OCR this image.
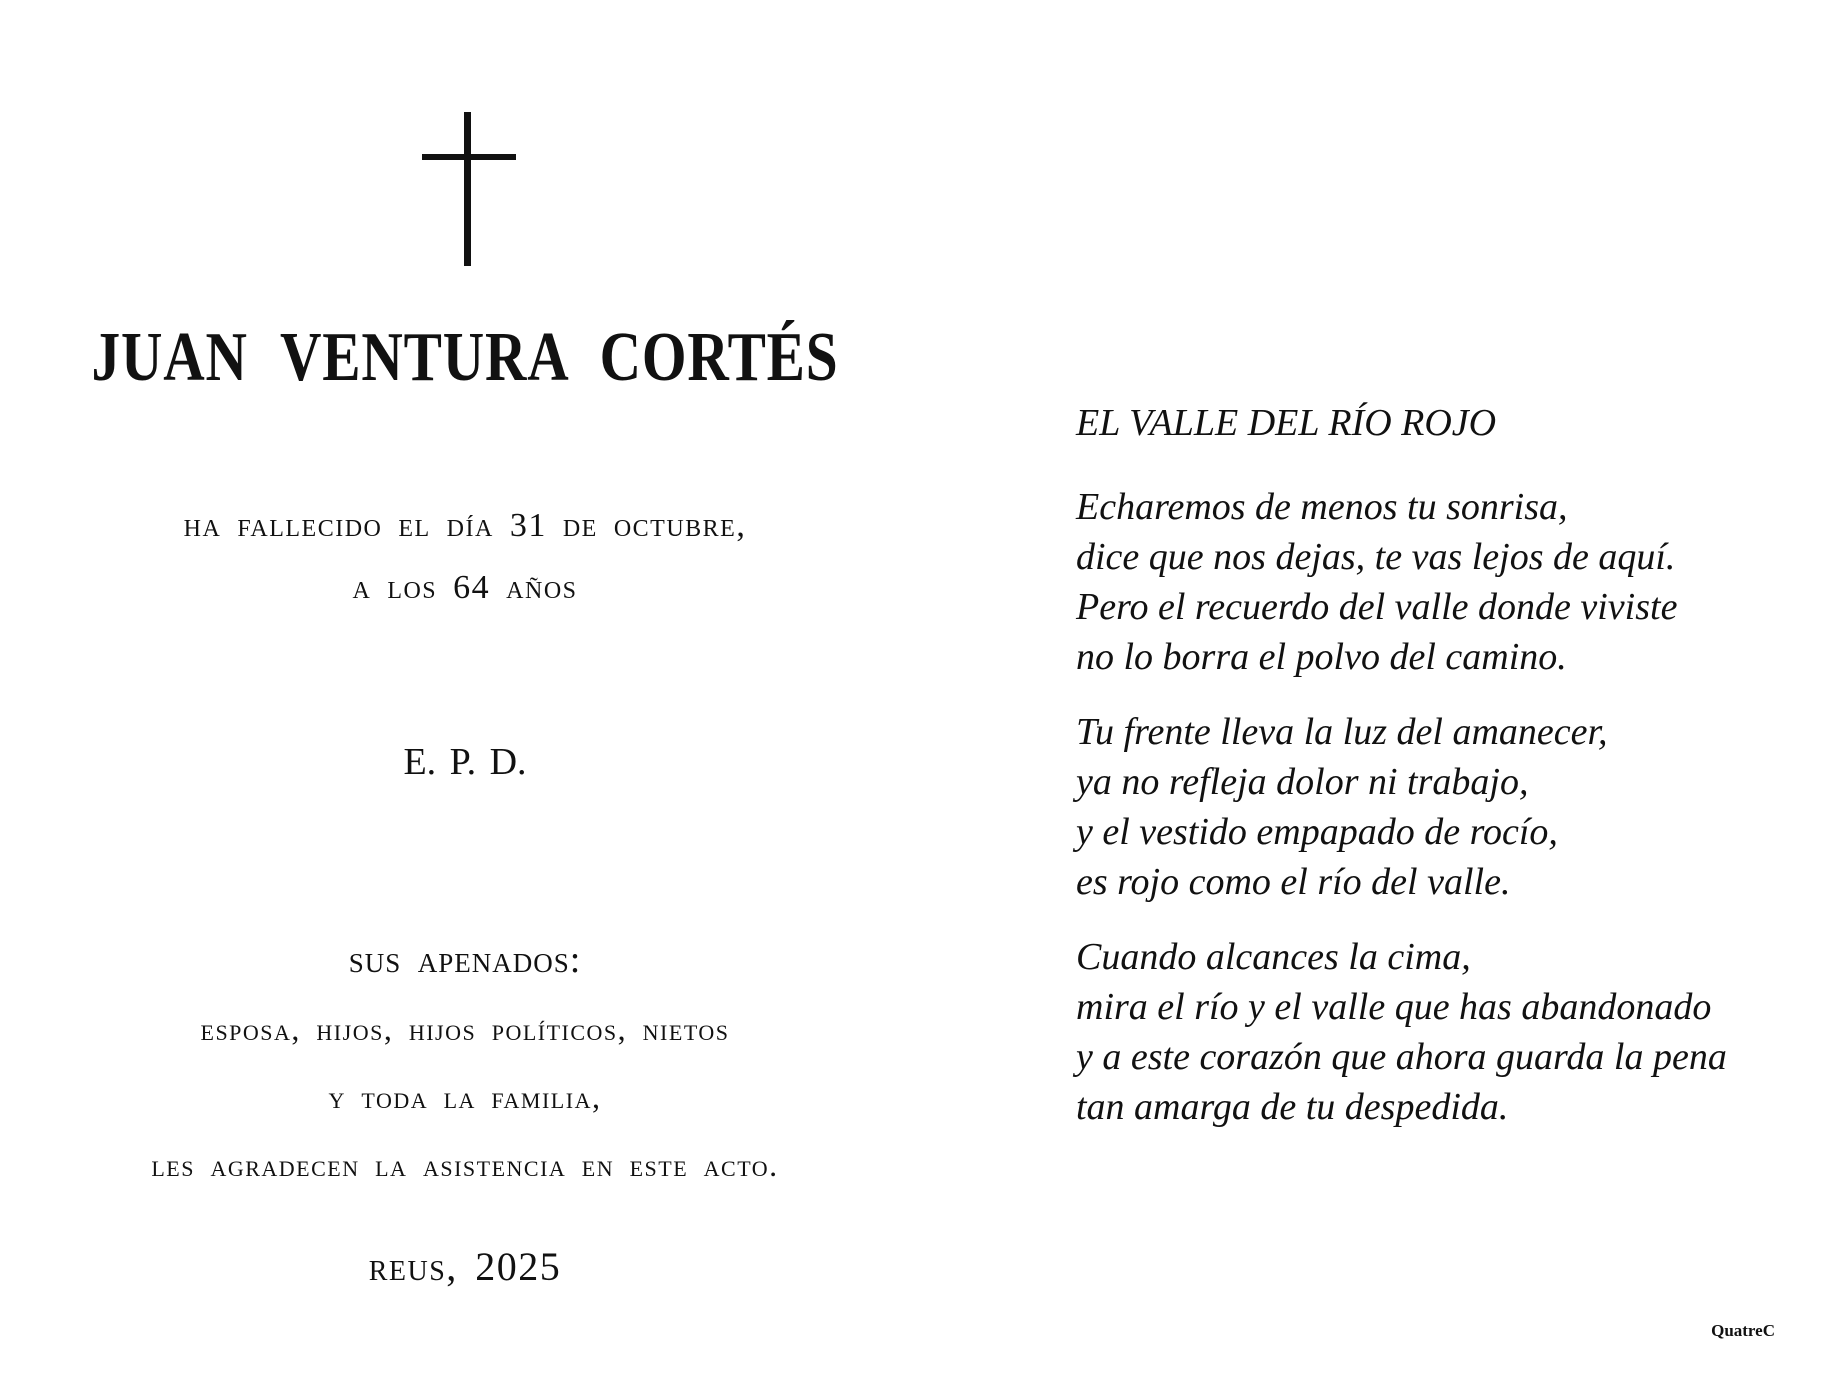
JUAN VENTURA CORTÉS
ha fallecido el día 31 de octubre,
a los 64 años
E. P. D.
sus apenados:
esposa, hijos, hijos políticos, nietos
y toda la familia,
les agradecen la asistencia en este acto.
reus, 2025
EL VALLE DEL RÍO ROJO
Echaremos de menos tu sonrisa,
dice que nos dejas, te vas lejos de aquí.
Pero el recuerdo del valle donde viviste
no lo borra el polvo del camino.
Tu frente lleva la luz del amanecer,
ya no refleja dolor ni trabajo,
y el vestido empapado de rocío,
es rojo como el río del valle.
Cuando alcances la cima,
mira el río y el valle que has abandonado
y a este corazón que ahora guarda la pena
tan amarga de tu despedida.
QuatreC
